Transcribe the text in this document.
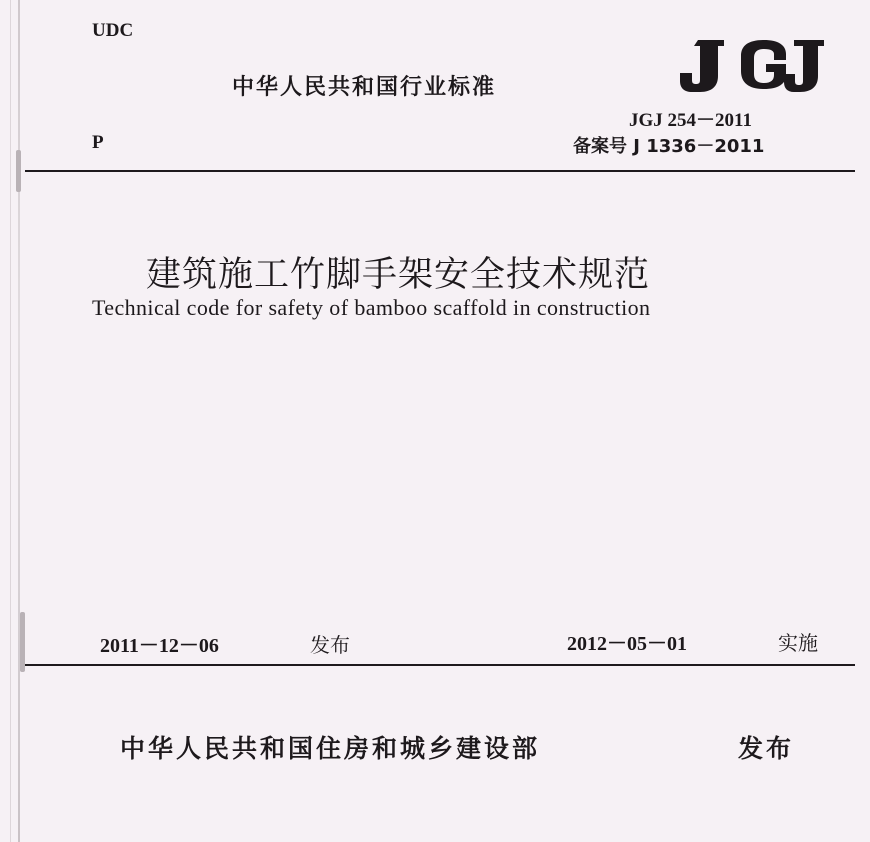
UDC
中华人民共和国行业标准
JGJ 254－2011
P	备案号 J 1336－2011
建筑施工竹脚手架安全技术规范
Technical code for safety of bamboo scaffold in construction
2011－12－06	发布	2012－05－01	实施
中华人民共和国住房和城乡建设部	发布
